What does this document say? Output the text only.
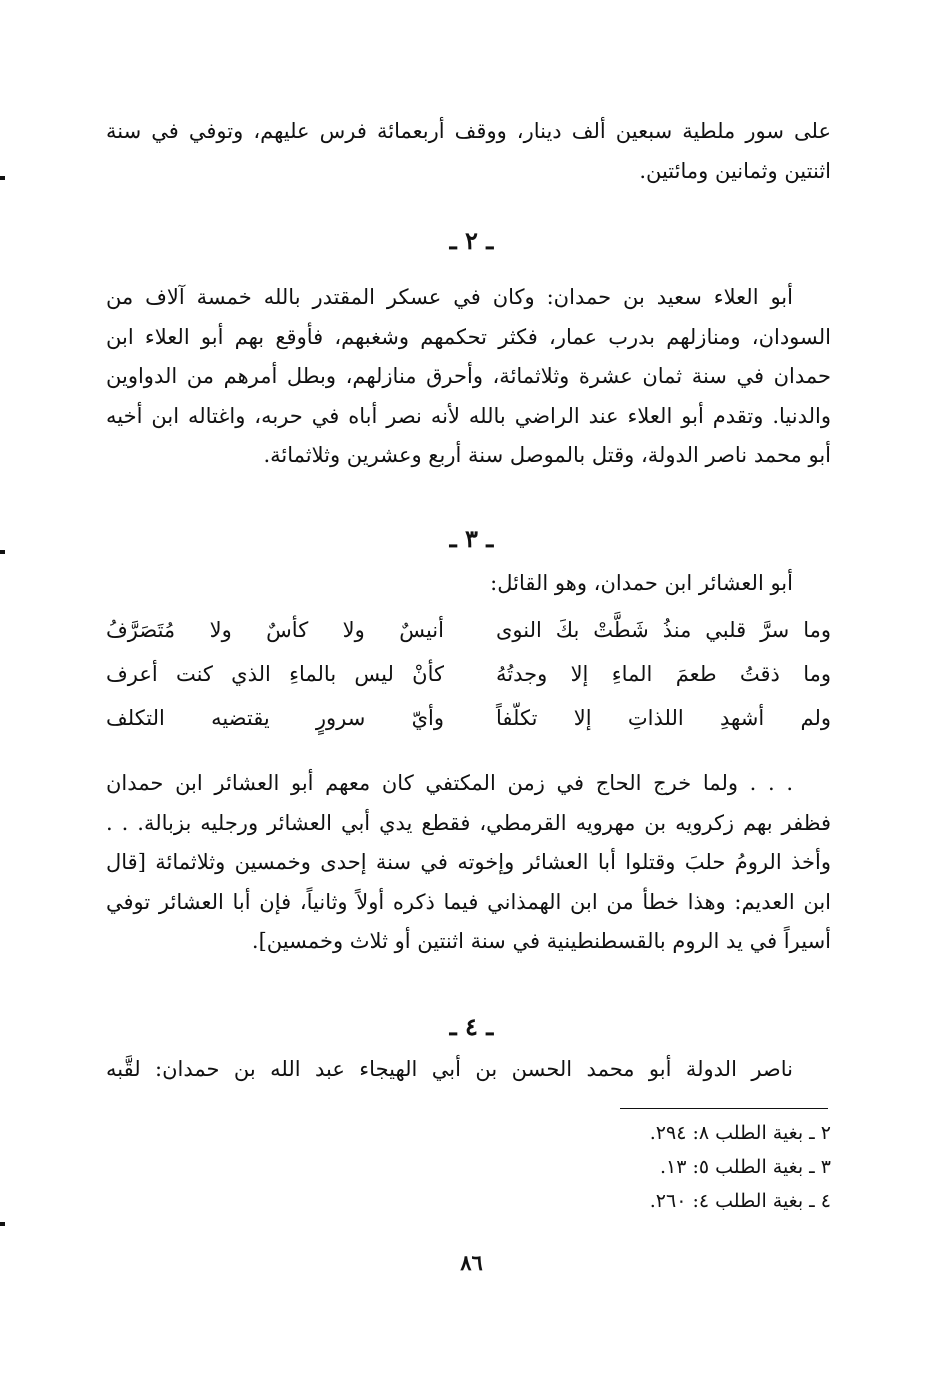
على سور ملطية سبعين ألف دينار، ووقف أربعمائة فرس عليهم، وتوفي في سنة
اثنتين وثمانين ومائتين.
ـ ٢ ـ
أبو العلاء سعيد بن حمدان: وكان في عسكر المقتدر بالله خمسة آلاف من
السودان، ومنازلهم بدرب عمار، فكثر تحكمهم وشغبهم، فأوقع بهم أبو العلاء ابن
حمدان في سنة ثمان عشرة وثلاثمائة، وأحرق منازلهم، وبطل أمرهم من الدواوين
والدنيا. وتقدم أبو العلاء عند الراضي بالله لأنه نصر أباه في حربه، واغتاله ابن أخيه
أبو محمد ناصر الدولة، وقتل بالموصل سنة أربع وعشرين وثلاثمائة.
ـ ٣ ـ
أبو العشائر ابن حمدان، وهو القائل:
وما سرَّ قلبي منذُ شَطَّتْ بكَ النوى
أنيسٌ ولا كأسٌ ولا مُتَصَرَّفُ
وما ذقتُ طعمَ الماءِ إلا وجدتُهُ
كأنْ ليس بالماءِ الذي كنت أعرف
ولم أشهدِ اللذاتِ إلا تكلّفاً
وأيّ سرورٍ يقتضيه التكلف
. . . ولما خرج الحاج في زمن المكتفي كان معهم أبو العشائر ابن حمدان
فظفر بهم زكرويه بن مهرويه القرمطي، فقطع يدي أبي العشائر ورجليه بزبالة. . .
وأخذ الرومُ حلبَ وقتلوا أبا العشائر وإخوته في سنة إحدى وخمسين وثلاثمائة [قال
ابن العديم: وهذا خطأ من ابن الهمذاني فيما ذكره أولاً وثانياً، فإن أبا العشائر توفي
أسيراً في يد الروم بالقسطنطينية في سنة اثنتين أو ثلاث وخمسين].
ـ ٤ ـ
ناصر الدولة أبو محمد الحسن بن أبي الهيجاء عبد الله بن حمدان: لقَّبه
٢ ـ بغية الطلب ٨: ٢٩٤.
٣ ـ بغية الطلب ٥: ١٣.
٤ ـ بغية الطلب ٤: ٢٦٠.
٨٦
